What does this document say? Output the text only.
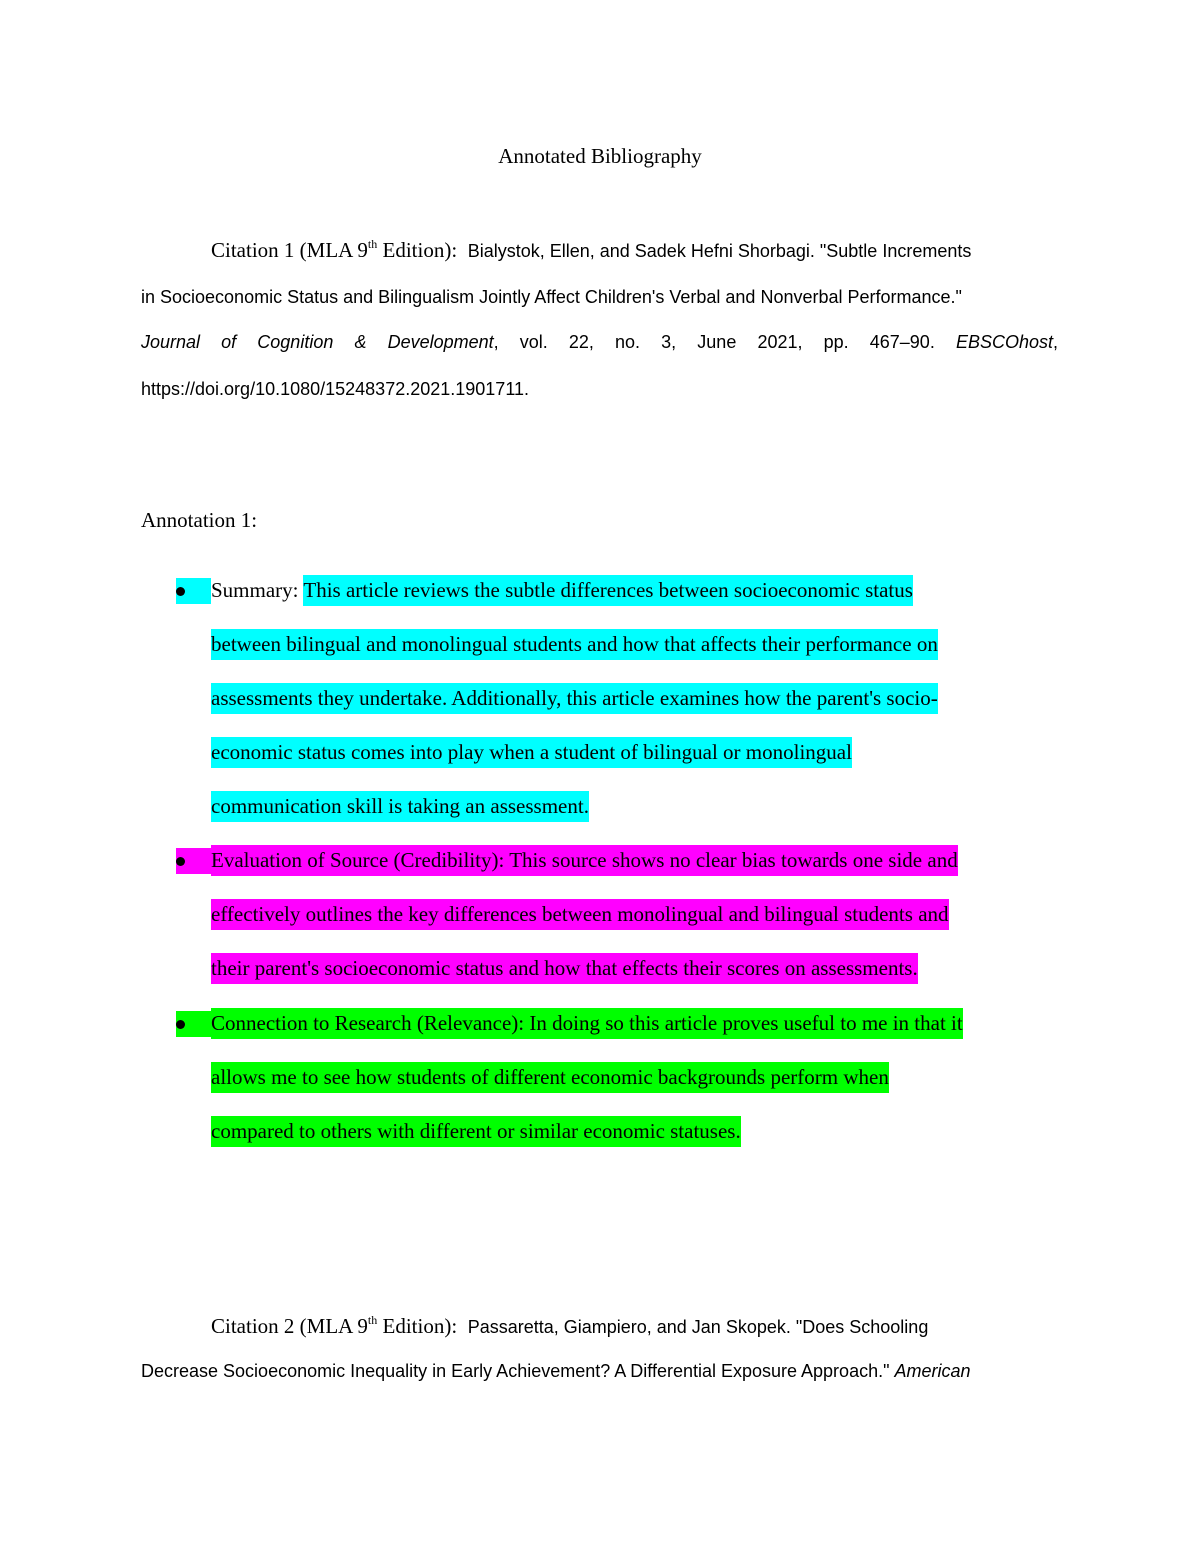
Annotated Bibliography
Citation 1 (MLA 9th Edition): Bialystok, Ellen, and Sadek Hefni Shorbagi. "Subtle Increments
in Socioeconomic Status and Bilingualism Jointly Affect Children's Verbal and Nonverbal Performance."
Journal of Cognition & Development, vol. 22, no. 3, June 2021, pp. 467–90. EBSCOhost,
https://doi.org/10.1080/15248372.2021.1901711.
Annotation 1:
Summary: This article reviews the subtle differences between socioeconomic status
between bilingual and monolingual students and how that affects their performance on
assessments they undertake. Additionally, this article examines how the parent's socio-
economic status comes into play when a student of bilingual or monolingual
communication skill is taking an assessment.
Evaluation of Source (Credibility): This source shows no clear bias towards one side and
effectively outlines the key differences between monolingual and bilingual students and
their parent's socioeconomic status and how that effects their scores on assessments.
Connection to Research (Relevance): In doing so this article proves useful to me in that it
allows me to see how students of different economic backgrounds perform when
compared to others with different or similar economic statuses.
Citation 2 (MLA 9th Edition): Passaretta, Giampiero, and Jan Skopek. "Does Schooling
Decrease Socioeconomic Inequality in Early Achievement? A Differential Exposure Approach." American
